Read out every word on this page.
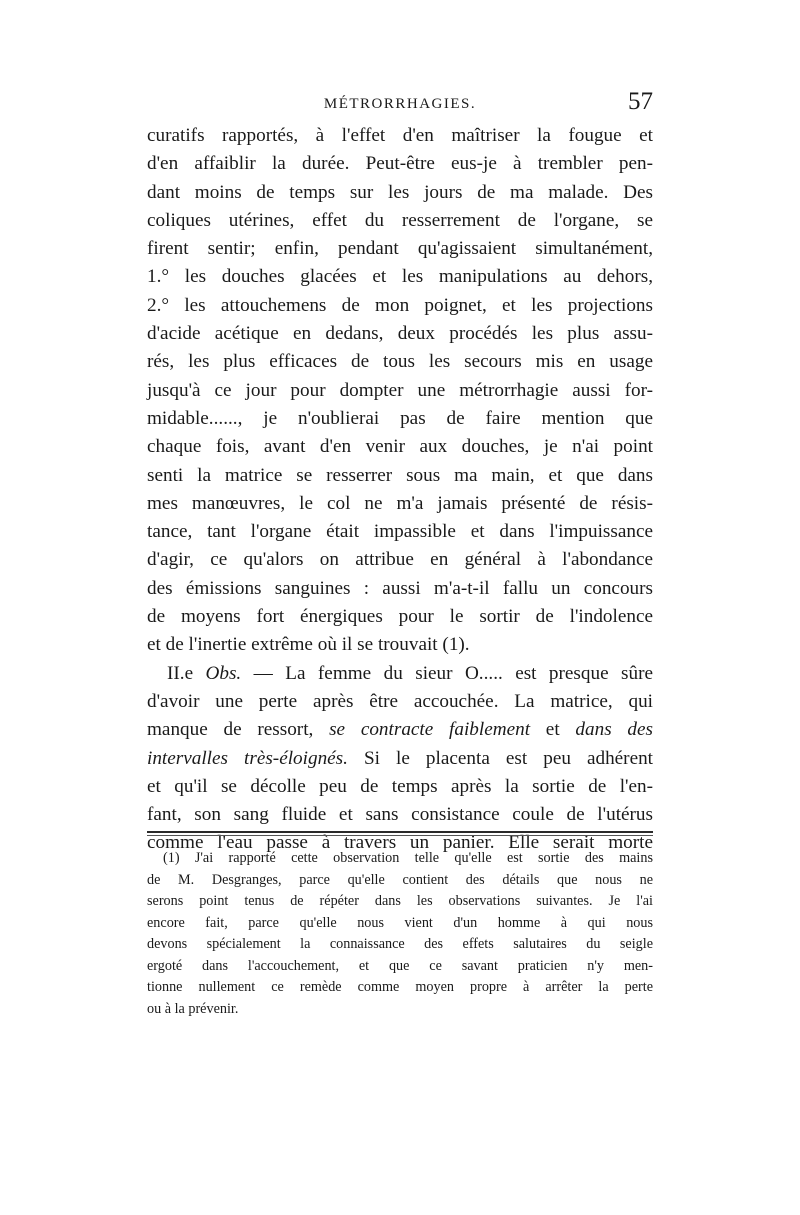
MÉTRORRHAGIES.	57
curatifs rapportés, à l'effet d'en maîtriser la fougue et
d'en affaiblir la durée. Peut-être eus-je à trembler pen-
dant moins de temps sur les jours de ma malade. Des
coliques utérines, effet du resserrement de l'organe, se
firent sentir; enfin, pendant qu'agissaient simultanément,
1.° les douches glacées et les manipulations au dehors,
2.° les attouchemens de mon poignet, et les projections
d'acide acétique en dedans, deux procédés les plus assu-
rés, les plus efficaces de tous les secours mis en usage
jusqu'à ce jour pour dompter une métrorrhagie aussi for-
midable......, je n'oublierai pas de faire mention que
chaque fois, avant d'en venir aux douches, je n'ai point
senti la matrice se resserrer sous ma main, et que dans
mes manœuvres, le col ne m'a jamais présenté de résis-
tance, tant l'organe était impassible et dans l'impuissance
d'agir, ce qu'alors on attribue en général à l'abondance
des émissions sanguines : aussi m'a-t-il fallu un concours
de moyens fort énergiques pour le sortir de l'indolence
et de l'inertie extrême où il se trouvait (1).
II.e Obs. — La femme du sieur O..... est presque sûre
d'avoir une perte après être accouchée. La matrice, qui
manque de ressort, se contracte faiblement et dans des
intervalles très-éloignés. Si le placenta est peu adhérent
et qu'il se décolle peu de temps après la sortie de l'en-
fant, son sang fluide et sans consistance coule de l'utérus
comme l'eau passe à travers un panier. Elle serait morte
(1) J'ai rapporté cette observation telle qu'elle est sortie des mains
de M. Desgranges, parce qu'elle contient des détails que nous ne
serons point tenus de répéter dans les observations suivantes. Je l'ai
encore fait, parce qu'elle nous vient d'un homme à qui nous
devons spécialement la connaissance des effets salutaires du seigle
ergoté dans l'accouchement, et que ce savant praticien n'y men-
tionne nullement ce remède comme moyen propre à arrêter la perte
ou à la prévenir.
